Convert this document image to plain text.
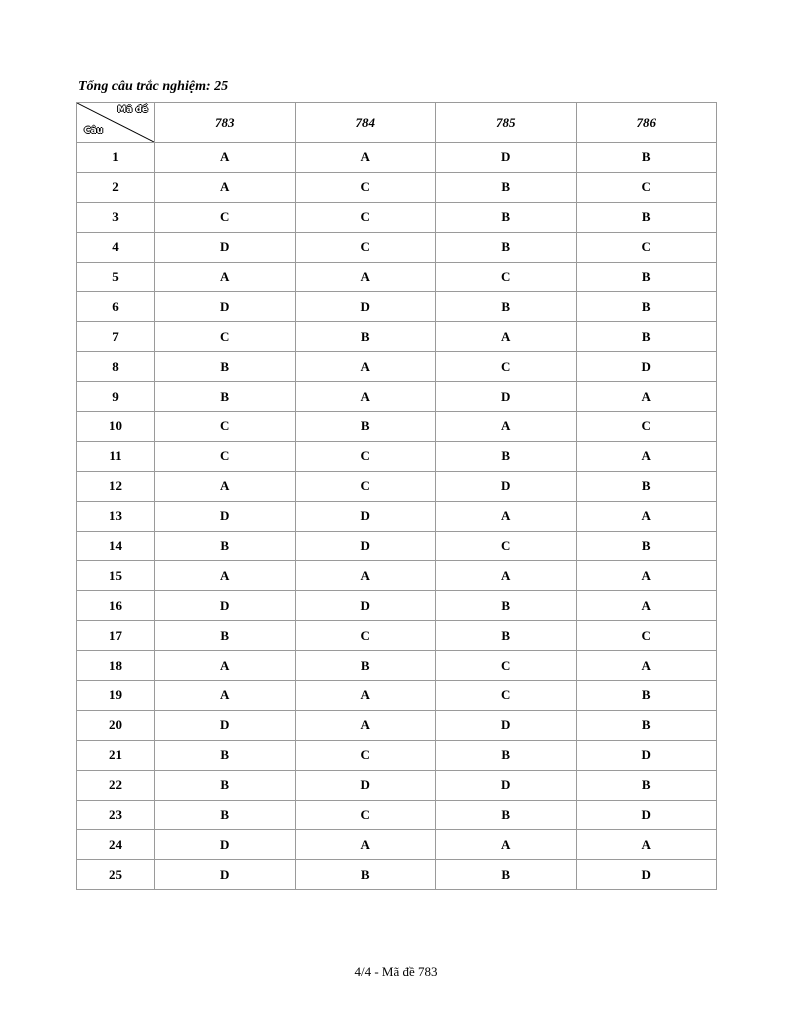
Tổng câu trắc nghiệm: 25
Mã đề
Câu	783	784	785	786
1	A	A	D	B
2	A	C	B	C
3	C	C	B	B
4	D	C	B	C
5	A	A	C	B
6	D	D	B	B
7	C	B	A	B
8	B	A	C	D
9	B	A	D	A
10	C	B	A	C
11	C	C	B	A
12	A	C	D	B
13	D	D	A	A
14	B	D	C	B
15	A	A	A	A
16	D	D	B	A
17	B	C	B	C
18	A	B	C	A
19	A	A	C	B
20	D	A	D	B
21	B	C	B	D
22	B	D	D	B
23	B	C	B	D
24	D	A	A	A
25	D	B	B	D
4/4 - Mã đề 783
